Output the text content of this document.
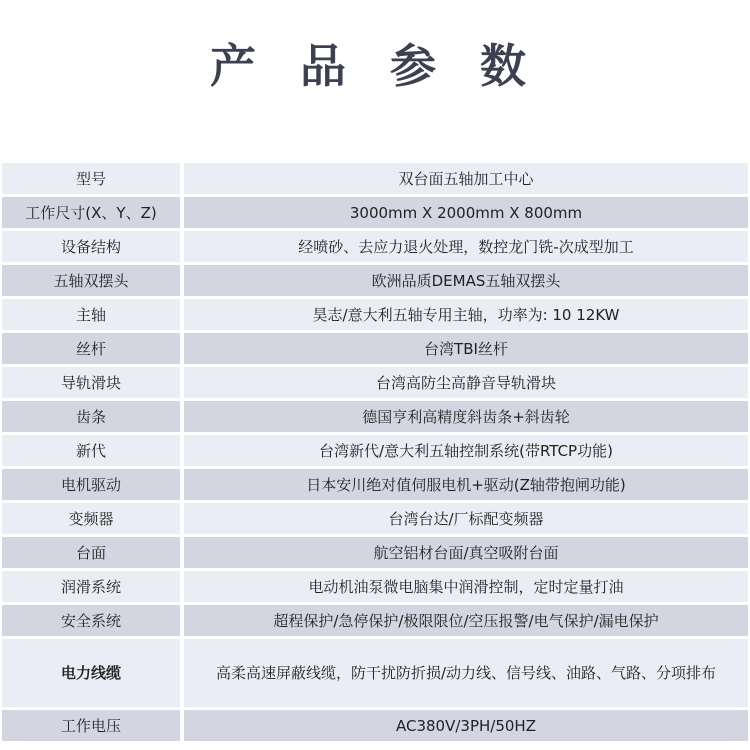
产 品 参 数
型号		双台面五轴加工中心
工作尺寸(X、Y、Z)		3000mm X 2000mm X 800mm
设备结构		经喷砂、去应力退火处理，数控龙门铣-次成型加工
五轴双摆头		欧洲品质DEMAS五轴双摆头
主轴		昊志/意大利五轴专用主轴，功率为: 10 12KW
丝杆		台湾TBI丝杆
导轨滑块		台湾高防尘高静音导轨滑块
齿条		德国亨利高精度斜齿条+斜齿轮
新代		台湾新代/意大利五轴控制系统(带RTCP功能)
电机驱动		日本安川绝对值伺服电机+驱动(Z轴带抱闸功能)
变频器		台湾台达/厂标配变频器
台面		航空铝材台面/真空吸附台面
润滑系统		电动机油泵微电脑集中润滑控制，定时定量打油
安全系统		超程保护/急停保护/极限限位/空压报警/电气保护/漏电保护
电力线缆		高柔高速屏蔽线缆，防干扰防折损/动力线、信号线、油路、气路、分项排布
工作电压		AC380V/3PH/50HZ
